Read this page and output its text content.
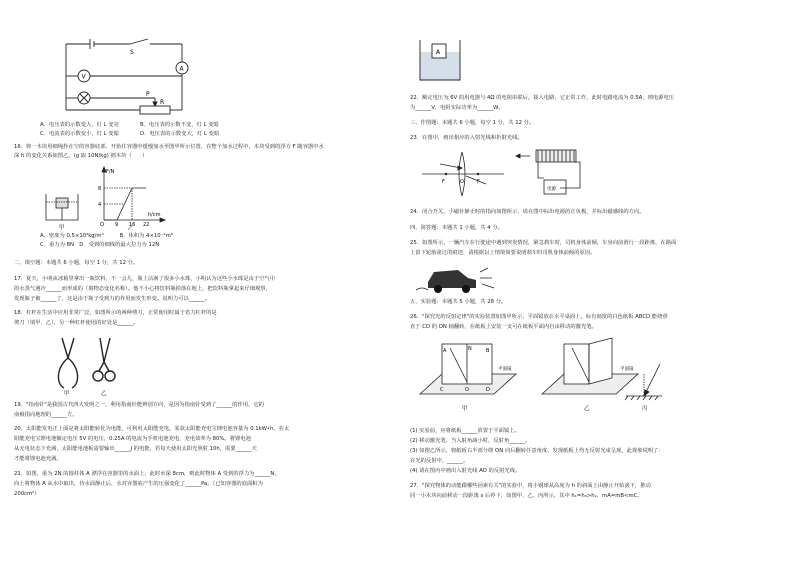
S
A
V
P
R
A．电压表的示数变大，灯 L 变亮	B．电压表的示数不变，灯 L 变暗
C．电流表的示数变小，灯 L 变暗	D．电压表的示数变大，灯 L 变暗
16．将一木块用细绳拴在空的容器底部，开始往容器中缓慢加水至图甲所示位置，在整个加水过程中，木块受到的浮力 F 随容器中水
深 h 的变化关系如图乙，(g 取 10N/kg) 则木块（　　）
F/N
h/cm
8
4
O 9 16 22
甲	乙
A．密度为 0.5×10³kg/m³　　　B．体积为 4×10⁻⁴m³
C．重力为 8N　D．受到的细线的最大拉力为 12N
二、填空题：本题共 6 小题，每空 1 分，共 12 分。
17．夏天，小明从冰箱里拿出一瓶饮料，不一会儿，瓶上沾满了很多小水珠，小明认为这些小水珠是由于空气中
的水蒸气遇冷______而形成的（填物态变化名称）。他不小心将饮料瓶掉落在地上，把饮料瓶拿起来仔细观察，
发现瓶子被______了，这是由于瓶子受到力的作用而发生形变。说明力可以______。
18．杠杆在生活中应用非常广泛，如图所示的两种剪刀，正常使用时属于省力杠杆的是
剪刀（填甲、乙），另一种杠杆使用的好处是______。
甲	乙
19．"指南针"是我国古代四大发明之一，利用指南针能辨别方向，是因为指南针受到了______的作用，它的
南极指向地理的______方。
20．太阳能发电正上面是将太阳能转化为电能，可利用太阳能充电。某款太阳能充电宝锂电池容量为 0.1kW•h，在太
阳能充电宝锂电池额定电压 5V 的电压，0.25A 的电流为手机电池充电，充电效率为 80%。将锂电池
从无电状态下充满，太阳能电池板需要输出______J 的电能，若每天使用太阳光照射 10h，需要______天
才能将锂电池充满。
21．如图，重为 2N 的圆柱体 A 漂浮在容器里的水面上，此时水深 8cm，则此时物体 A 受到的浮力为______N，
向上将物体 A 从水中取出，待水面静止后，水对容器底产生的压强变化了______Pa。（已知容器的底面积为
200cm²）
A
22．额定电压为 6V 的用电器与 4Ω 的电阻串联后，接入电路，它正常工作，此时电路电流为 0.5A，则电源电压
为______V，电阻实际功率为______W。
三、作图题：本题共 6 小题，每空 1 分，共 12 分。
23．在图中，画出相应的入射光线和折射光线。
F	O	F
电源
24．闭合开关，小磁针静止时的指向如图所示，请在图中标出电源的正负极，并标出磁感线的方向。
四、简答题：本题共 1 小题，共 4 分。
25．如图所示，一辆汽车在行驶途中遇到突发情况，紧急刹车时，司机身体前倾，车身向前滑行一段距离，在路面
上留下轮胎滚过的痕迹，请根据以上情境简要说明刹车时司机身体前倾的原因。
五、实验题：本题共 5 小题，共 28 分。
26．"探究光的反射定律"的实验装置如图甲所示，平面镜放在水平桌面上，标有刻度的白色纸板 ABCD 能绕垂
直于 CD 的 ON 轴翻转，在纸板上安装一支可在纸板平面内自由移动的激光笔。
A	B
C	D
N
O
平面镜	平面镜
甲	乙	丙
(1) 实验前，应将纸板______放置于平面镜上。
(2) 移动激光笔，当入射角减小时，反射角______。
(3) 如图乙所示，将纸板右半部分绕 ON 向后翻转任意角度，发现纸板上均无反射光束呈现，此现象说明了：
在光的反射中，______。
(4) 请在图丙中画出入射光线 AO 的反射光线。
27．"探究物体的动能跟哪些因素有关"的实验中，将小钢球从高度为 h 的斜面上由静止开始滚下，推动
同一小木块向前移动一段距离 s 后停下，如图甲、乙、丙所示，其中 h₁=h₃>h₂，mA=mB<mC。
